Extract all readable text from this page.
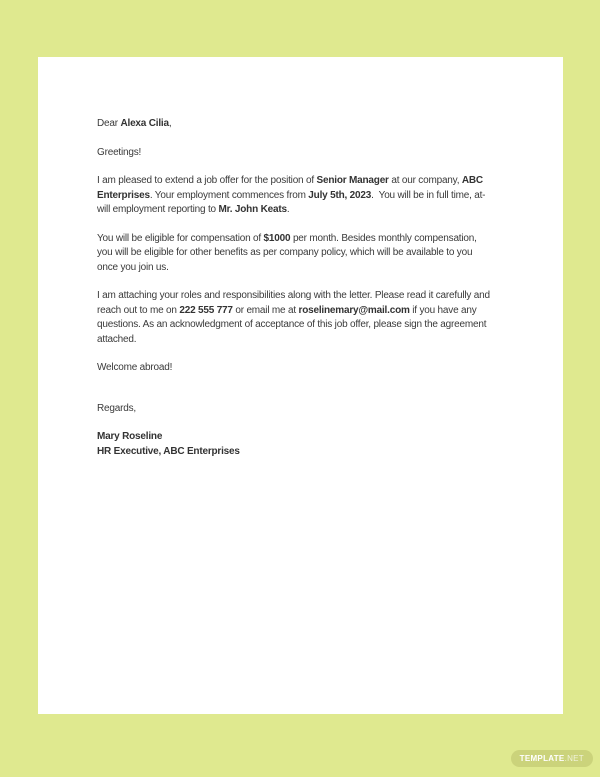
Dear Alexa Cilia,
Greetings!
I am pleased to extend a job offer for the position of Senior Manager at our company, ABC
Enterprises. Your employment commences from July 5th, 2023.  You will be in full time, at-
will employment reporting to Mr. John Keats.
You will be eligible for compensation of $1000 per month. Besides monthly compensation,
you will be eligible for other benefits as per company policy, which will be available to you
once you join us.
I am attaching your roles and responsibilities along with the letter. Please read it carefully and
reach out to me on 222 555 777 or email me at roselinemary@mail.com if you have any
questions. As an acknowledgment of acceptance of this job offer, please sign the agreement
attached.
Welcome abroad!
Regards,
Mary Roseline
HR Executive, ABC Enterprises
TEMPLATE .NET
